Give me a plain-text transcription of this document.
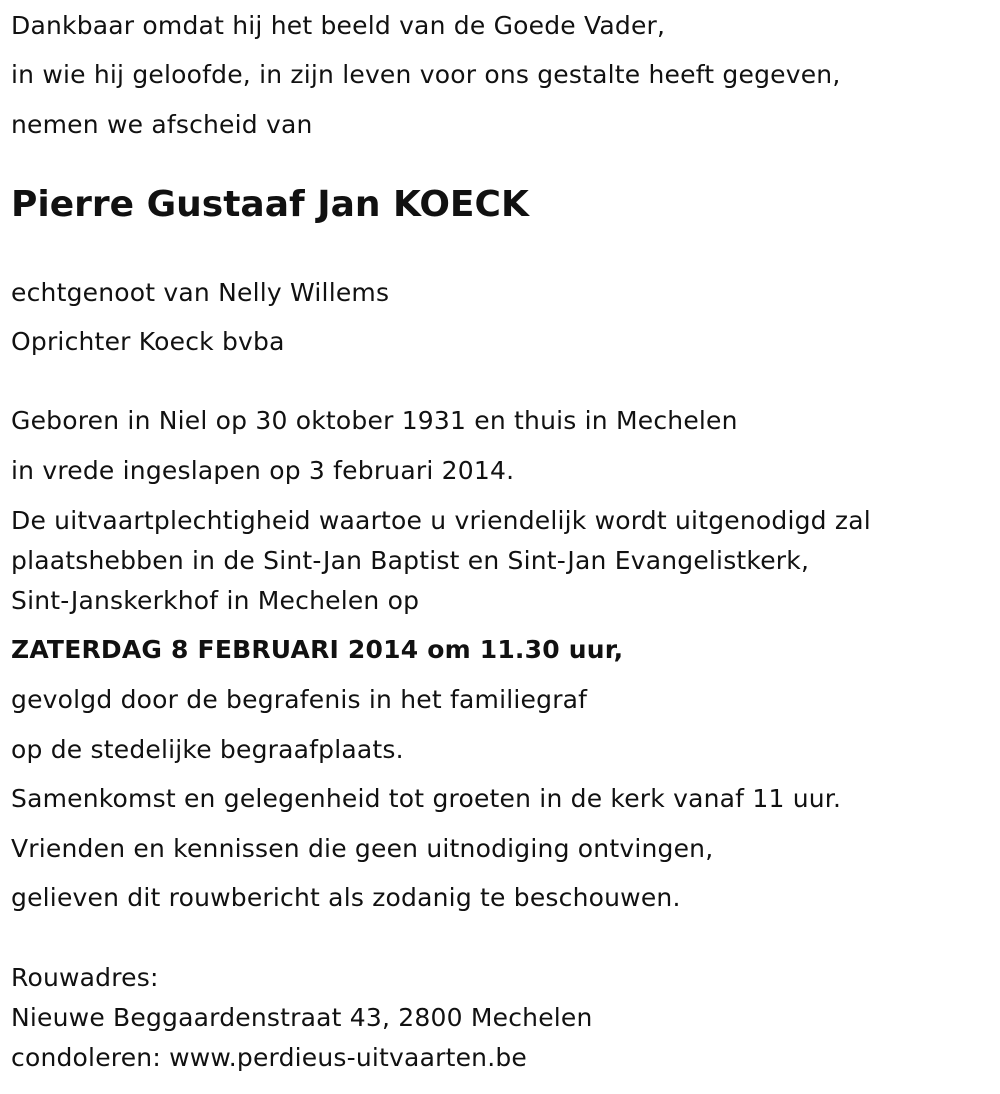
Dankbaar omdat hij het beeld van de Goede Vader,

in wie hij geloofde, in zijn leven voor ons gestalte heeft gegeven,

nemen we afscheid van

Pierre Gustaaf Jan KOECK

echtgenoot van Nelly Willems

Oprichter Koeck bvba

Geboren in Niel op 30 oktober 1931 en thuis in Mechelen

in vrede ingeslapen op 3 februari 2014.

De uitvaartplechtigheid waartoe u vriendelijk wordt uitgenodigd zal

plaatshebben in de Sint-Jan Baptist en Sint-Jan Evangelistkerk,

Sint-Janskerkhof in Mechelen op

ZATERDAG 8 FEBRUARI 2014 om 11.30 uur,

gevolgd door de begrafenis in het familiegraf

op de stedelijke begraafplaats.

Samenkomst en gelegenheid tot groeten in de kerk vanaf 11 uur.

Vrienden en kennissen die geen uitnodiging ontvingen,

gelieven dit rouwbericht als zodanig te beschouwen.

Rouwadres:

Nieuwe Beggaardenstraat 43, 2800 Mechelen

condoleren: www.perdieus-uitvaarten.be
